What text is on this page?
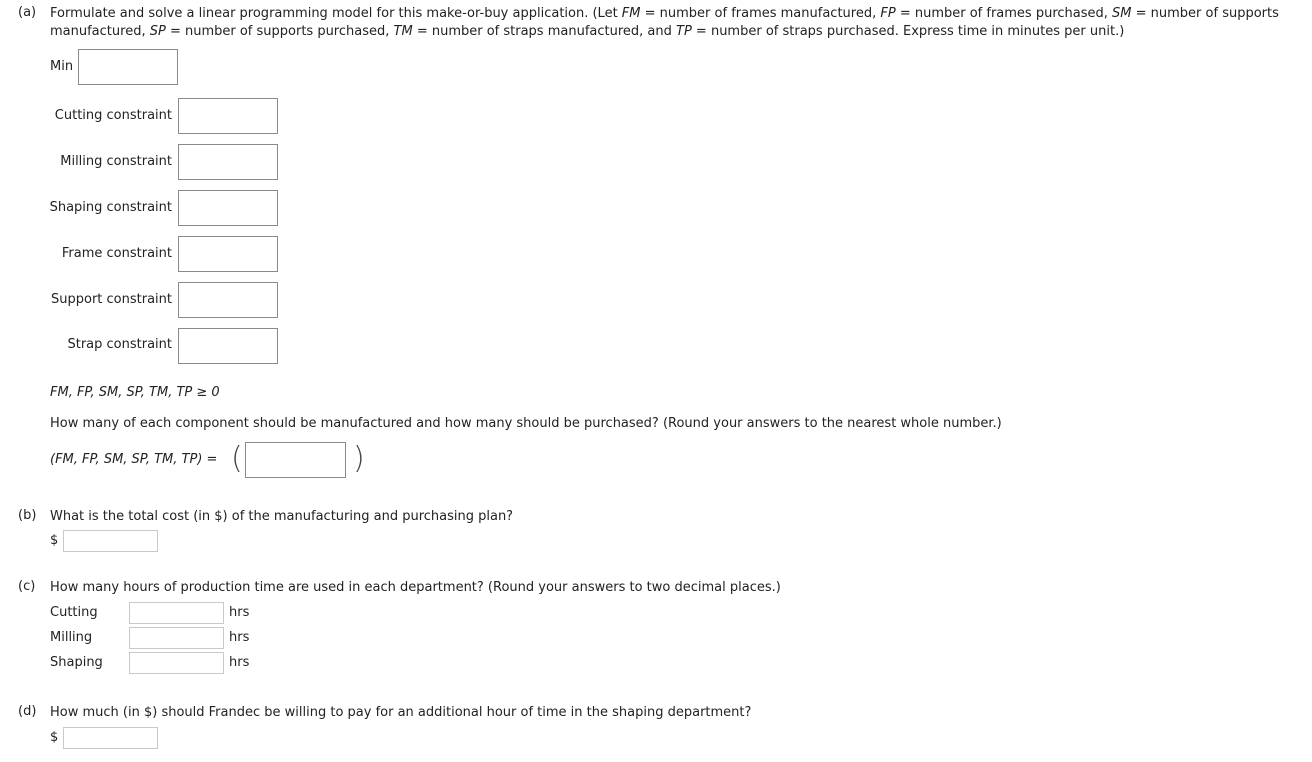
(a) Formulate and solve a linear programming model for this make-or-buy application. (Let FM = number of frames manufactured, FP = number of frames purchased, SM = number of supports
manufactured, SP = number of supports purchased, TM = number of straps manufactured, and TP = number of straps purchased. Express time in minutes per unit.)
Min
Cutting constraint
Milling constraint
Shaping constraint
Frame constraint
Support constraint
Strap constraint
FM, FP, SM, SP, TM, TP ≥ 0
How many of each component should be manufactured and how many should be purchased? (Round your answers to the nearest whole number.)
(FM, FP, SM, SP, TM, TP) = (	)
(b) What is the total cost (in $) of the manufacturing and purchasing plan?
$
(c) How many hours of production time are used in each department? (Round your answers to two decimal places.)
Cutting	hrs
Milling	hrs
Shaping	hrs
(d) How much (in $) should Frandec be willing to pay for an additional hour of time in the shaping department?
$
